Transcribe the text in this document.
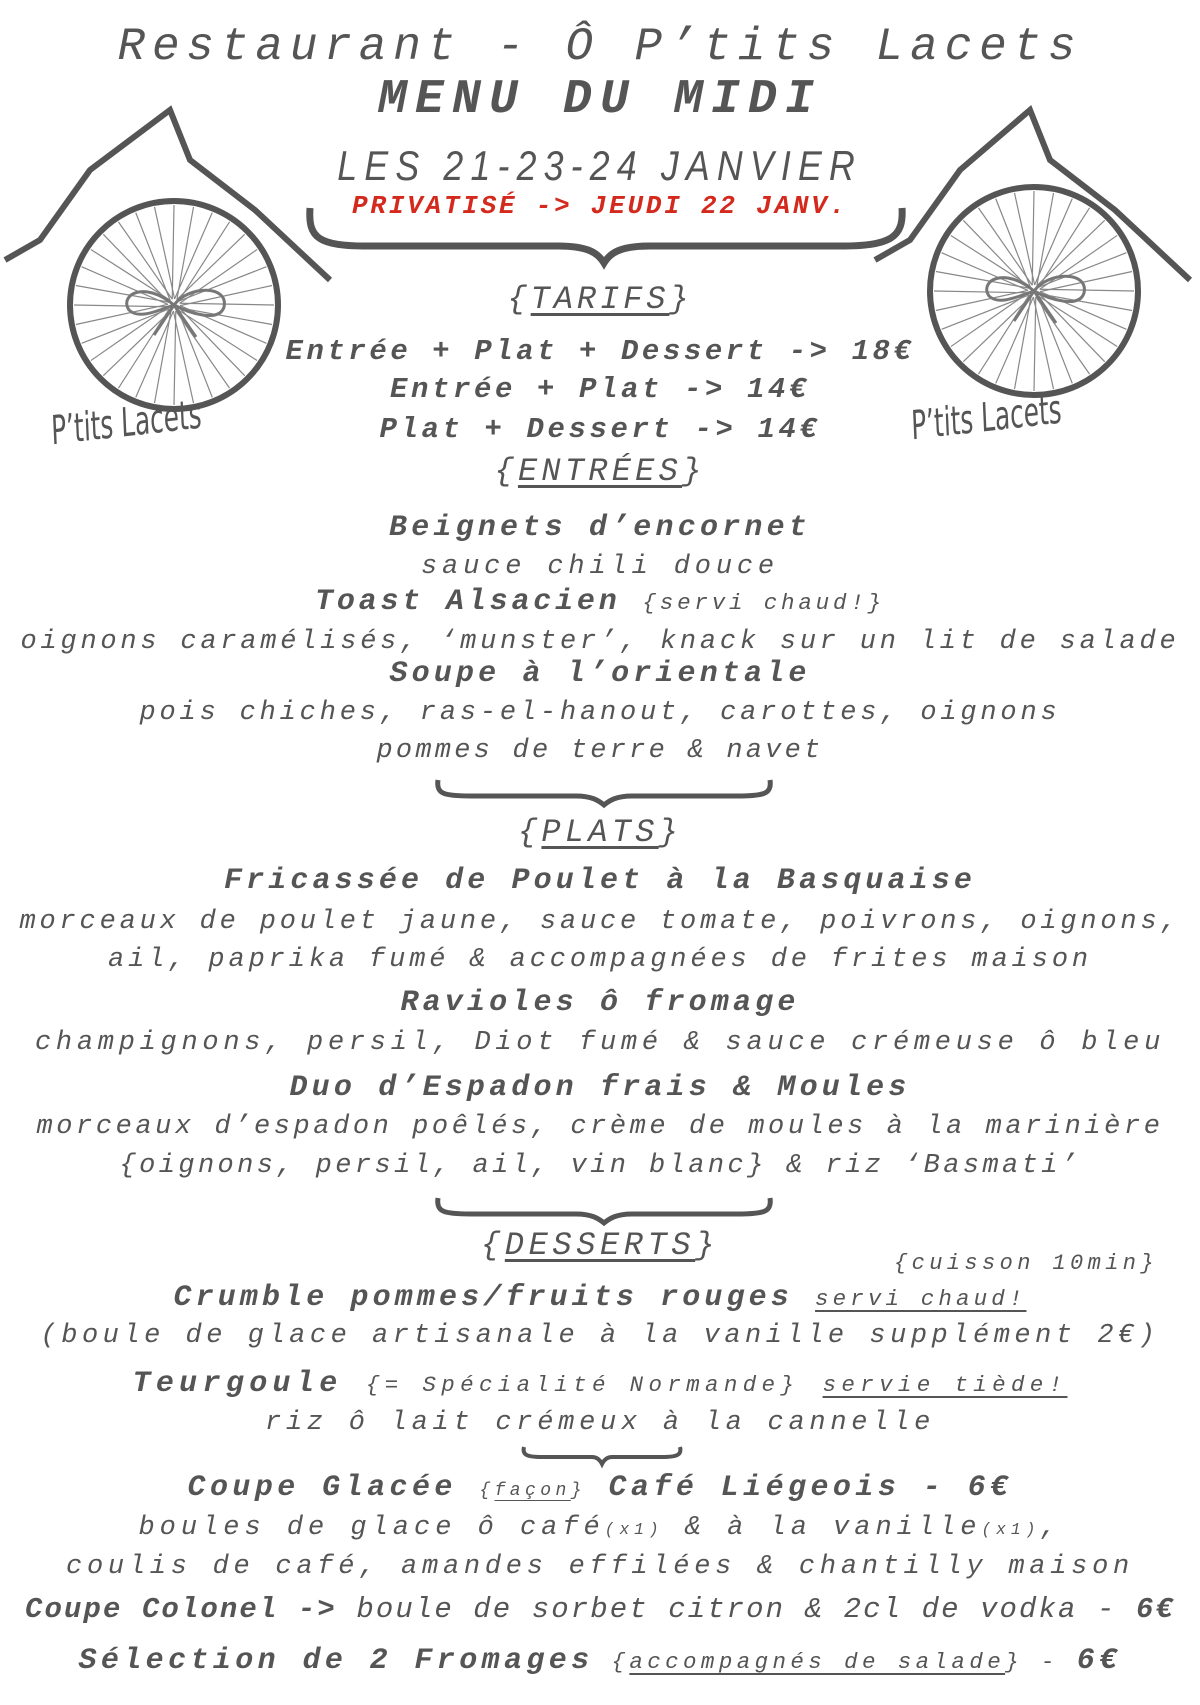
P’tits Lacets	P’tits Lacets
Restaurant - Ô P’tits Lacets
MENU DU MIDI
LES 21-23-24 JANVIER
PRIVATISÉ -> JEUDI 22 JANV.
{TARIFS}
Entrée + Plat + Dessert -> 18€
Entrée + Plat -> 14€
Plat + Dessert -> 14€
{ENTRÉES}
Beignets d’encornet
sauce chili douce
Toast Alsacien {servi chaud!}
oignons caramélisés, ‘munster’, knack sur un lit de salade
Soupe à l’orientale
pois chiches, ras-el-hanout, carottes, oignons
pommes de terre & navet
{PLATS}
Fricassée de Poulet à la Basquaise
morceaux de poulet jaune, sauce tomate, poivrons, oignons,
ail, paprika fumé & accompagnées de frites maison
Ravioles ô fromage
champignons, persil, Diot fumé & sauce crémeuse ô bleu
Duo d’Espadon frais & Moules
morceaux d’espadon poêlés, crème de moules à la marinière
{oignons, persil, ail, vin blanc} & riz ‘Basmati’
{DESSERTS}	{cuisson 10min}
Crumble pommes/fruits rouges servi chaud!
(boule de glace artisanale à la vanille supplément 2€)
Teurgoule {= Spécialité Normande} servie tiède!
riz ô lait crémeux à la cannelle
Coupe Glacée {façon} Café Liégeois - 6€
boules de glace ô café(x1) & à la vanille(x1),
coulis de café, amandes effilées & chantilly maison
Coupe Colonel -> boule de sorbet citron & 2cl de vodka - 6€
Sélection de 2 Fromages {accompagnés de salade} - 6€
